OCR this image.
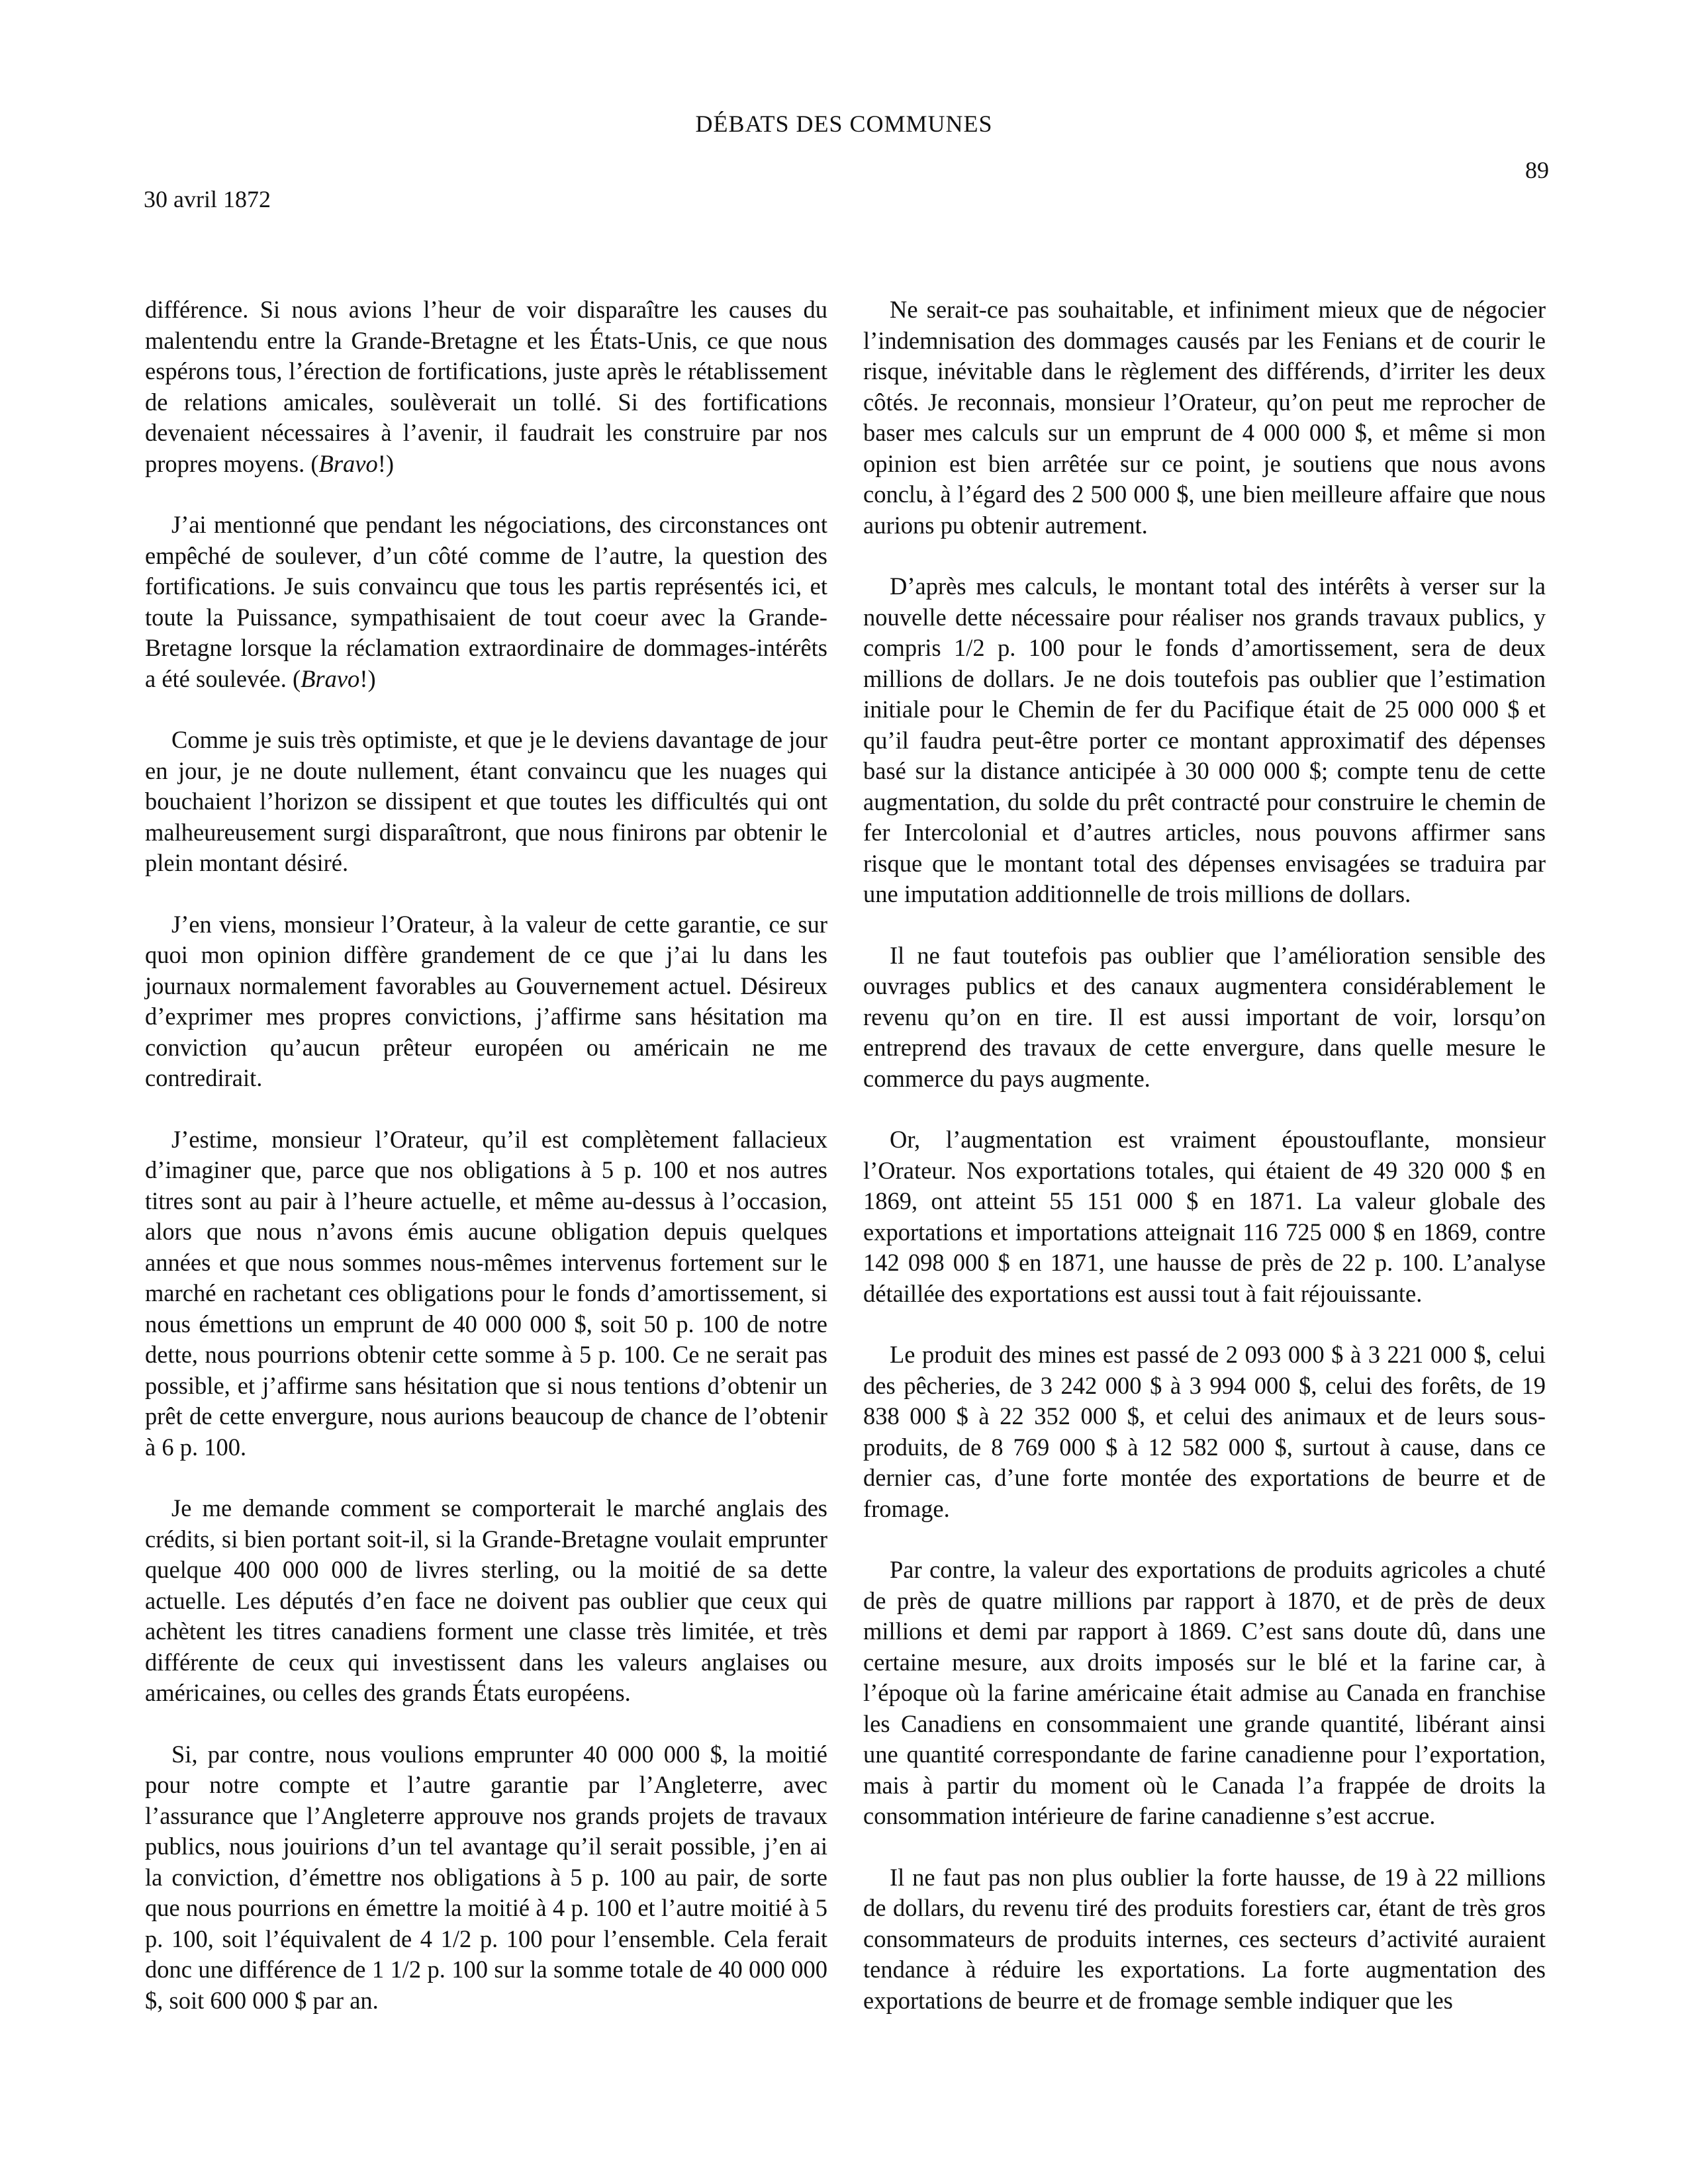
DÉBATS DES COMMUNES
89
30 avril 1872

différence. Si nous avions l’heur de voir disparaître les causes du malentendu entre la Grande-Bretagne et les États-Unis, ce que nous espérons tous, l’érection de fortifications, juste après le rétablissement de relations amicales, soulèverait un tollé. Si des fortifications devenaient nécessaires à l’avenir, il faudrait les construire par nos propres moyens. (Bravo!)

J’ai mentionné que pendant les négociations, des circonstances ont empêché de soulever, d’un côté comme de l’autre, la question des fortifications. Je suis convaincu que tous les partis représentés ici, et toute la Puissance, sympathisaient de tout coeur avec la Grande-Bretagne lorsque la réclamation extraordinaire de dommages-intérêts a été soulevée. (Bravo!)

Comme je suis très optimiste, et que je le deviens davantage de jour en jour, je ne doute nullement, étant convaincu que les nuages qui bouchaient l’horizon se dissipent et que toutes les difficultés qui ont malheureusement surgi disparaîtront, que nous finirons par obtenir le plein montant désiré.

J’en viens, monsieur l’Orateur, à la valeur de cette garantie, ce sur quoi mon opinion diffère grandement de ce que j’ai lu dans les journaux normalement favorables au Gouvernement actuel. Désireux d’exprimer mes propres convictions, j’affirme sans hésitation ma conviction qu’aucun prêteur européen ou américain ne me contredirait.

J’estime, monsieur l’Orateur, qu’il est complètement fallacieux d’imaginer que, parce que nos obligations à 5 p. 100 et nos autres titres sont au pair à l’heure actuelle, et même au-dessus à l’occasion, alors que nous n’avons émis aucune obligation depuis quelques années et que nous sommes nous-mêmes intervenus fortement sur le marché en rachetant ces obligations pour le fonds d’amortissement, si nous émettions un emprunt de 40 000 000 $, soit 50 p. 100 de notre dette, nous pourrions obtenir cette somme à 5 p. 100. Ce ne serait pas possible, et j’affirme sans hésitation que si nous tentions d’obtenir un prêt de cette envergure, nous aurions beaucoup de chance de l’obtenir à 6 p. 100.

Je me demande comment se comporterait le marché anglais des crédits, si bien portant soit-il, si la Grande-Bretagne voulait emprunter quelque 400 000 000 de livres sterling, ou la moitié de sa dette actuelle. Les députés d’en face ne doivent pas oublier que ceux qui achètent les titres canadiens forment une classe très limitée, et très différente de ceux qui investissent dans les valeurs anglaises ou américaines, ou celles des grands États européens.

Si, par contre, nous voulions emprunter 40 000 000 $, la moitié pour notre compte et l’autre garantie par l’Angleterre, avec l’assurance que l’Angleterre approuve nos grands projets de travaux publics, nous jouirions d’un tel avantage qu’il serait possible, j’en ai la conviction, d’émettre nos obligations à 5 p. 100 au pair, de sorte que nous pourrions en émettre la moitié à 4 p. 100 et l’autre moitié à 5 p. 100, soit l’équivalent de 4 1/2 p. 100 pour l’ensemble. Cela ferait donc une différence de 1 1/2 p. 100 sur la somme totale de 40 000 000 $, soit 600 000 $ par an.

Ne serait-ce pas souhaitable, et infiniment mieux que de négocier l’indemnisation des dommages causés par les Fenians et de courir le risque, inévitable dans le règlement des différends, d’irriter les deux côtés. Je reconnais, monsieur l’Orateur, qu’on peut me reprocher de baser mes calculs sur un emprunt de 4 000 000 $, et même si mon opinion est bien arrêtée sur ce point, je soutiens que nous avons conclu, à l’égard des 2 500 000 $, une bien meilleure affaire que nous aurions pu obtenir autrement.

D’après mes calculs, le montant total des intérêts à verser sur la nouvelle dette nécessaire pour réaliser nos grands travaux publics, y compris 1/2 p. 100 pour le fonds d’amortissement, sera de deux millions de dollars. Je ne dois toutefois pas oublier que l’estimation initiale pour le Chemin de fer du Pacifique était de 25 000 000 $ et qu’il faudra peut-être porter ce montant approximatif des dépenses basé sur la distance anticipée à 30 000 000 $; compte tenu de cette augmentation, du solde du prêt contracté pour construire le chemin de fer Intercolonial et d’autres articles, nous pouvons affirmer sans risque que le montant total des dépenses envisagées se traduira par une imputation additionnelle de trois millions de dollars.

Il ne faut toutefois pas oublier que l’amélioration sensible des ouvrages publics et des canaux augmentera considérablement le revenu qu’on en tire. Il est aussi important de voir, lorsqu’on entreprend des travaux de cette envergure, dans quelle mesure le commerce du pays augmente.

Or, l’augmentation est vraiment époustouflante, monsieur l’Orateur. Nos exportations totales, qui étaient de 49 320 000 $ en 1869, ont atteint 55 151 000 $ en 1871. La valeur globale des exportations et importations atteignait 116 725 000 $ en 1869, contre 142 098 000 $ en 1871, une hausse de près de 22 p. 100. L’analyse détaillée des exportations est aussi tout à fait réjouissante.

Le produit des mines est passé de 2 093 000 $ à 3 221 000 $, celui des pêcheries, de 3 242 000 $ à 3 994 000 $, celui des forêts, de 19 838 000 $ à 22 352 000 $, et celui des animaux et de leurs sous-produits, de 8 769 000 $ à 12 582 000 $, surtout à cause, dans ce dernier cas, d’une forte montée des exportations de beurre et de fromage.

Par contre, la valeur des exportations de produits agricoles a chuté de près de quatre millions par rapport à 1870, et de près de deux millions et demi par rapport à 1869. C’est sans doute dû, dans une certaine mesure, aux droits imposés sur le blé et la farine car, à l’époque où la farine américaine était admise au Canada en franchise les Canadiens en consommaient une grande quantité, libérant ainsi une quantité correspondante de farine canadienne pour l’exportation, mais à partir du moment où le Canada l’a frappée de droits la consommation intérieure de farine canadienne s’est accrue.

Il ne faut pas non plus oublier la forte hausse, de 19 à 22 millions de dollars, du revenu tiré des produits forestiers car, étant de très gros consommateurs de produits internes, ces secteurs d’activité auraient tendance à réduire les exportations. La forte augmentation des exportations de beurre et de fromage semble indiquer que les
